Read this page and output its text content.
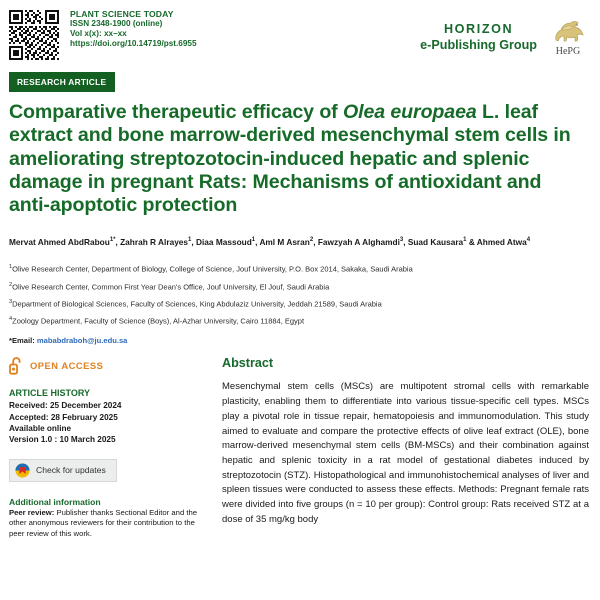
PLANT SCIENCE TODAY
ISSN 2348-1900 (online)
Vol x(x): xx–xx
https://doi.org/10.14719/pst.6955
HORIZON
e-Publishing Group	HePG
RESEARCH ARTICLE
Comparative therapeutic efficacy of Olea europaea L. leaf extract and bone marrow-derived mesenchymal stem cells in ameliorating streptozotocin-induced hepatic and splenic damage in pregnant Rats: Mechanisms of antioxidant and anti-apoptotic protection
Mervat Ahmed AbdRabou$^{1*}$, Zahrah R Alrayes$^1$, Diaa Massoud$^1$, Aml M Asran$^2$, Fawzyah A Alghamdi$^3$, Suad Kausara$^1$ & Ahmed Atwa$^4$
$^1$Olive Research Center, Department of Biology, College of Science, Jouf University, P.O. Box 2014, Sakaka, Saudi Arabia
$^2$Olive Research Center, Common First Year Dean's Office, Jouf University, El Jouf, Saudi Arabia
$^3$Department of Biological Sciences, Faculty of Sciences, King Abdulaziz University, Jeddah 21589, Saudi Arabia
$^4$Zoology Department, Faculty of Science (Boys), Al-Azhar University, Cairo 11884, Egypt
*Email: mababdraboh@ju.edu.sa
OPEN ACCESS
ARTICLE HISTORY
Received: 25 December 2024
Accepted: 28 February 2025
Available online
Version 1.0 : 10 March 2025
Check for updates
Additional information
Peer review: Publisher thanks Sectional Editor and the other anonymous reviewers for their contribution to the peer review of this work.
Abstract
Mesenchymal stem cells (MSCs) are multipotent stromal cells with remarkable plasticity, enabling them to differentiate into various tissue-specific cell types. MSCs play a pivotal role in tissue repair, hematopoiesis and immunomodulation. This study aimed to evaluate and compare the protective effects of olive leaf extract (OLE), bone marrow-derived mesenchymal stem cells (BM-MSCs) and their combination against hepatic and splenic toxicity in a rat model of gestational diabetes induced by streptozotocin (STZ). Histopathological and immunohistochemical analyses of liver and spleen tissues were conducted to assess these effects. Methods: Pregnant female rats were divided into five groups (n = 10 per group): Control group: Rats received STZ at a dose of 35 mg/kg body
